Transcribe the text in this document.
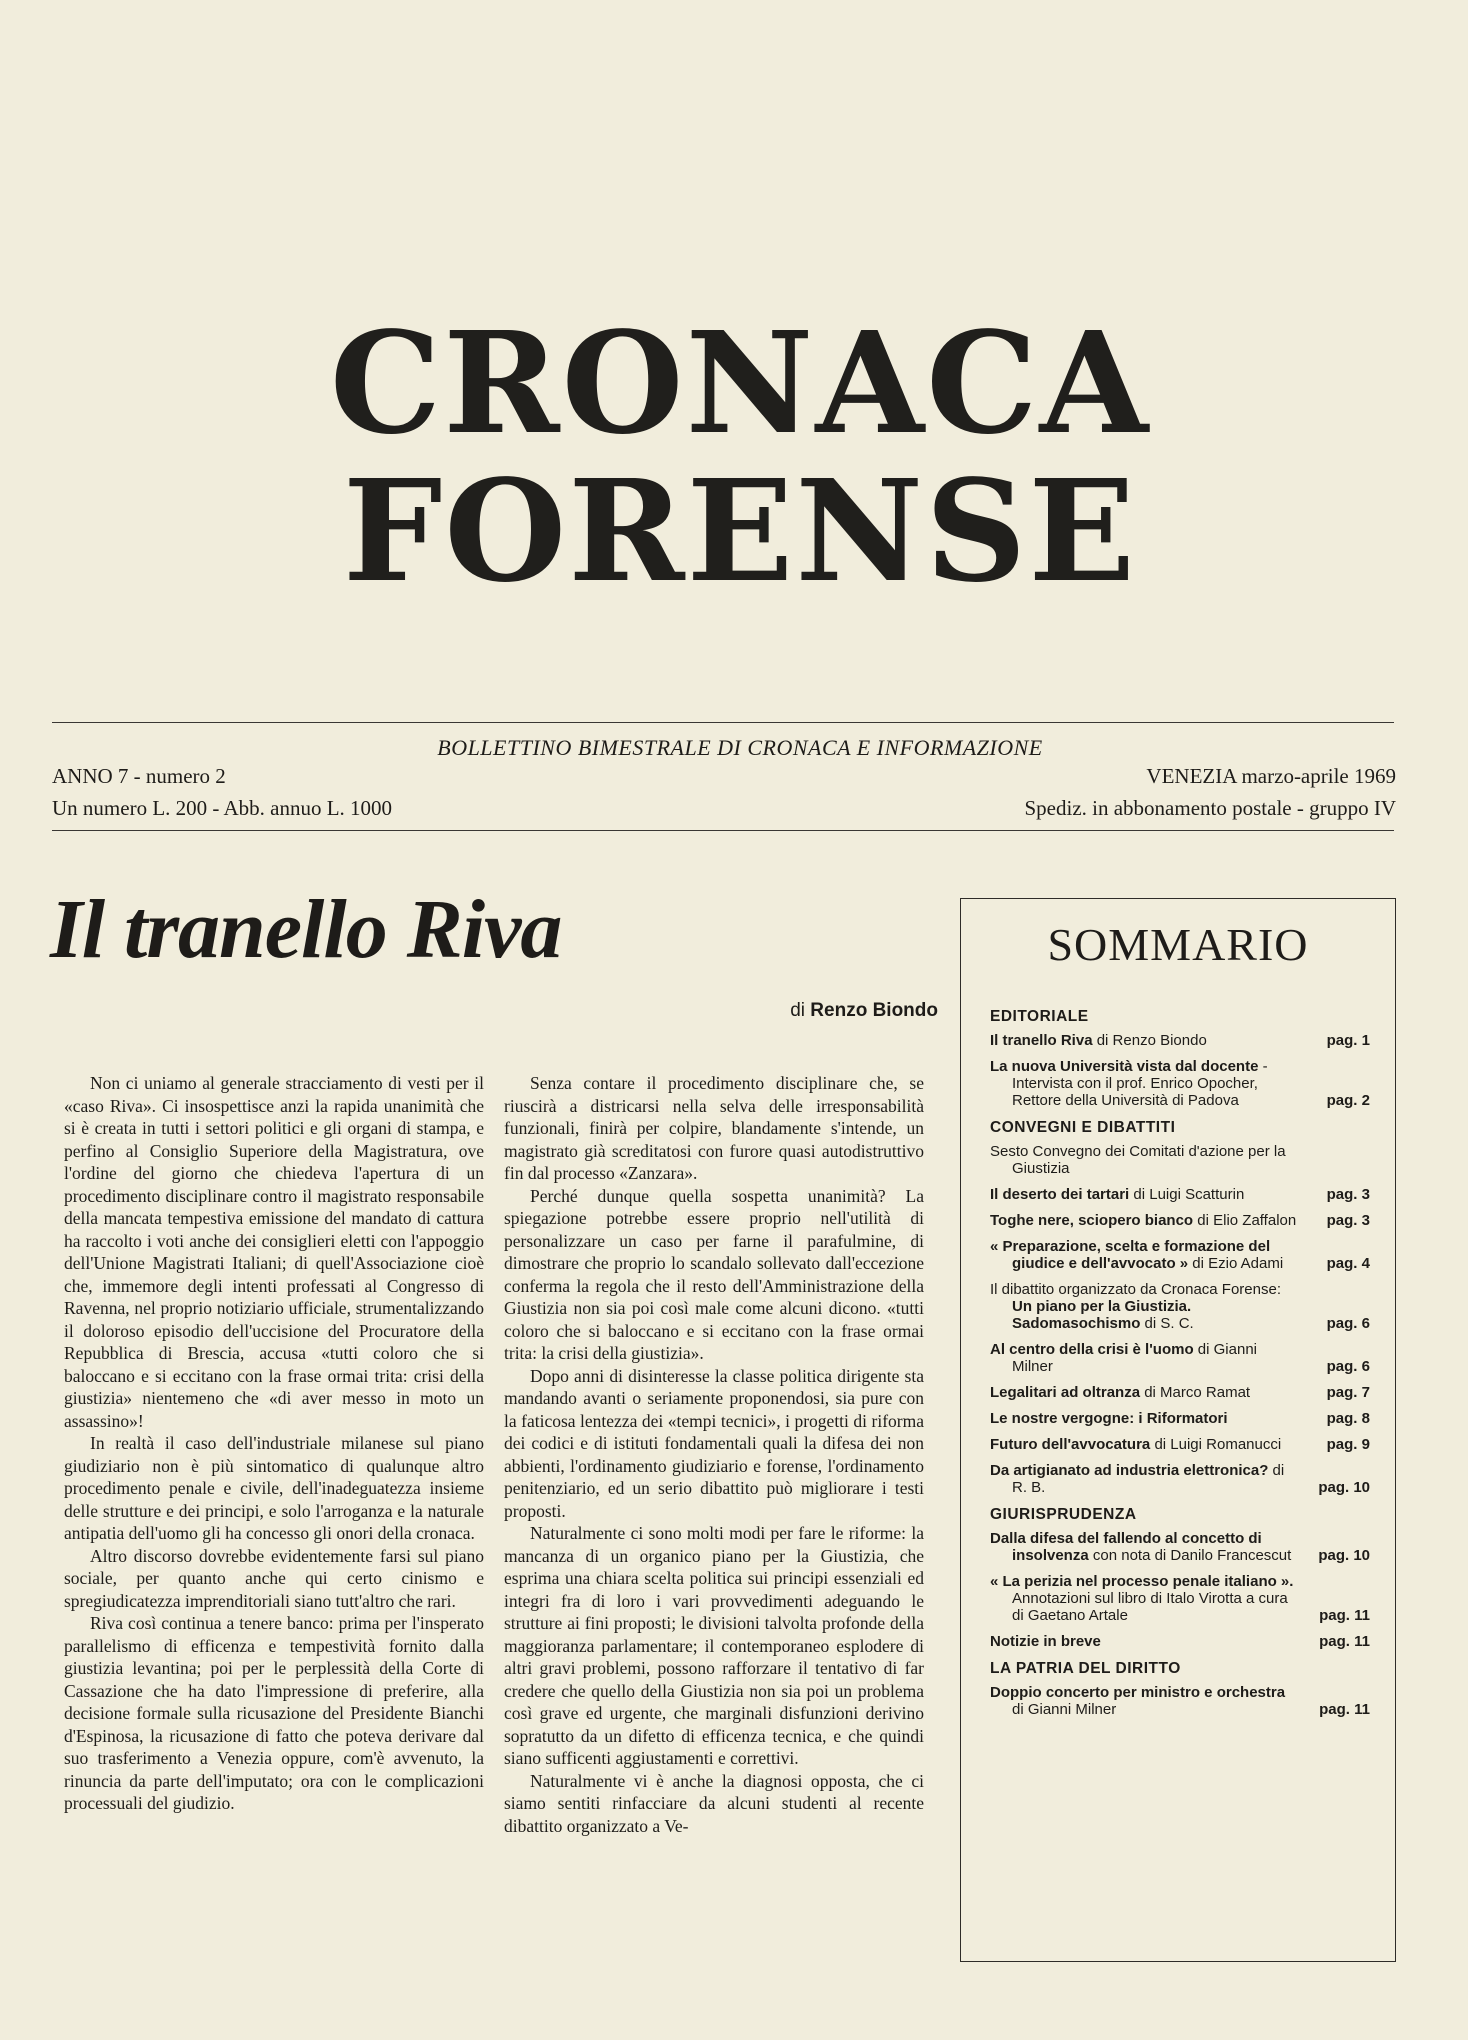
CRONACA
FORENSE
BOLLETTINO BIMESTRALE DI CRONACA E INFORMAZIONE
ANNO 7 - numero 2
Un numero L. 200 - Abb. annuo L. 1000
VENEZIA marzo-aprile 1969
Spediz. in abbonamento postale - gruppo IV
Il tranello Riva
di Renzo Biondo

Non ci uniamo al generale stracciamento di vesti per il «caso Riva». Ci insospettisce anzi la rapida unanimità che si è creata in tutti i settori politici e gli organi di stampa, e perfino al Consiglio Superiore della Magistratura, ove l'ordine del giorno che chiedeva l'apertura di un procedimento disciplinare contro il magistrato responsabile della mancata tempestiva emissione del mandato di cattura ha raccolto i voti anche dei consiglieri eletti con l'appoggio dell'Unione Magistrati Italiani; di quell'Associazione cioè che, immemore degli intenti professati al Congresso di Ravenna, nel proprio notiziario ufficiale, strumentalizzando il doloroso episodio dell'uccisione del Procuratore della Repubblica di Brescia, accusa «tutti coloro che si baloccano e si eccitano con la frase ormai trita: crisi della giustizia» nientemeno che «di aver messo in moto un assassino»!

In realtà il caso dell'industriale milanese sul piano giudiziario non è più sintomatico di qualunque altro procedimento penale e civile, dell'inadeguatezza insieme delle strutture e dei principi, e solo l'arroganza e la naturale antipatia dell'uomo gli ha concesso gli onori della cronaca.

Altro discorso dovrebbe evidentemente farsi sul piano sociale, per quanto anche qui certo cinismo e spregiudicatezza imprenditoriali siano tutt'altro che rari.

Riva così continua a tenere banco: prima per l'insperato parallelismo di efficenza e tempestività fornito dalla giustizia levantina; poi per le perplessità della Corte di Cassazione che ha dato l'impressione di preferire, alla decisione formale sulla ricusazione del Presidente Bianchi d'Espinosa, la ricusazione di fatto che poteva derivare dal suo trasferimento a Venezia oppure, com'è avvenuto, la rinuncia da parte dell'imputato; ora con le complicazioni processuali del giudizio.

Senza contare il procedimento disciplinare che, se riuscirà a districarsi nella selva delle irresponsabilità funzionali, finirà per colpire, blandamente s'intende, un magistrato già screditatosi con furore quasi autodistruttivo fin dal processo «Zanzara».

Perché dunque quella sospetta unanimità? La spiegazione potrebbe essere proprio nell'utilità di personalizzare un caso per farne il parafulmine, di dimostrare che proprio lo scandalo sollevato dall'eccezione conferma la regola che il resto dell'Amministrazione della Giustizia non sia poi così male come alcuni dicono. «tutti coloro che si baloccano e si eccitano con la frase ormai trita: la crisi della giustizia».

Dopo anni di disinteresse la classe politica dirigente sta mandando avanti o seriamente proponendosi, sia pure con la faticosa lentezza dei «tempi tecnici», i progetti di riforma dei codici e di istituti fondamentali quali la difesa dei non abbienti, l'ordinamento giudiziario e forense, l'ordinamento penitenziario, ed un serio dibattito può migliorare i testi proposti.

Naturalmente ci sono molti modi per fare le riforme: la mancanza di un organico piano per la Giustizia, che esprima una chiara scelta politica sui principi essenziali ed integri fra di loro i vari provvedimenti adeguando le strutture ai fini proposti; le divisioni talvolta profonde della maggioranza parlamentare; il contemporaneo esplodere di altri gravi problemi, possono rafforzare il tentativo di far credere che quello della Giustizia non sia poi un problema così grave ed urgente, che marginali disfunzioni derivino sopratutto da un difetto di efficenza tecnica, e che quindi siano sufficenti aggiustamenti e correttivi.

Naturalmente vi è anche la diagnosi opposta, che ci siamo sentiti rinfacciare da alcuni studenti al recente dibattito organizzato a Ve-

SOMMARIO
EDITORIALE
Il tranello Riva di Renzo Biondo	pag. 1
La nuova Università vista dal docente - Intervista con il prof. Enrico Opocher, Rettore della Università di Padova	pag. 2
CONVEGNI E DIBATTITI
Sesto Convegno dei Comitati d'azione per la Giustizia
Il deserto dei tartari di Luigi Scatturin	pag. 3
Toghe nere, sciopero bianco di Elio Zaffalon pag. 3
« Preparazione, scelta e formazione del giudice e dell'avvocato » di Ezio Adami	pag. 4
Il dibattito organizzato da Cronaca Forense: Un piano per la Giustizia. Sadomasochismo di S. C.	pag. 6
Al centro della crisi è l'uomo di Gianni Milner	pag. 6
Legalitari ad oltranza di Marco Ramat	pag. 7
Le nostre vergogne: i Riformatori	pag. 8
Futuro dell'avvocatura di Luigi Romanucci	pag. 9
Da artigianato ad industria elettronica? di R. B.	pag. 10
GIURISPRUDENZA
Dalla difesa del fallendo al concetto di insolvenza con nota di Danilo Francescut	pag. 10
« La perizia nel processo penale italiano ». Annotazioni sul libro di Italo Virotta a cura di Gaetano Artale	pag. 11
Notizie in breve	pag. 11
LA PATRIA DEL DIRITTO
Doppio concerto per ministro e orchestra di Gianni Milner	pag. 11
